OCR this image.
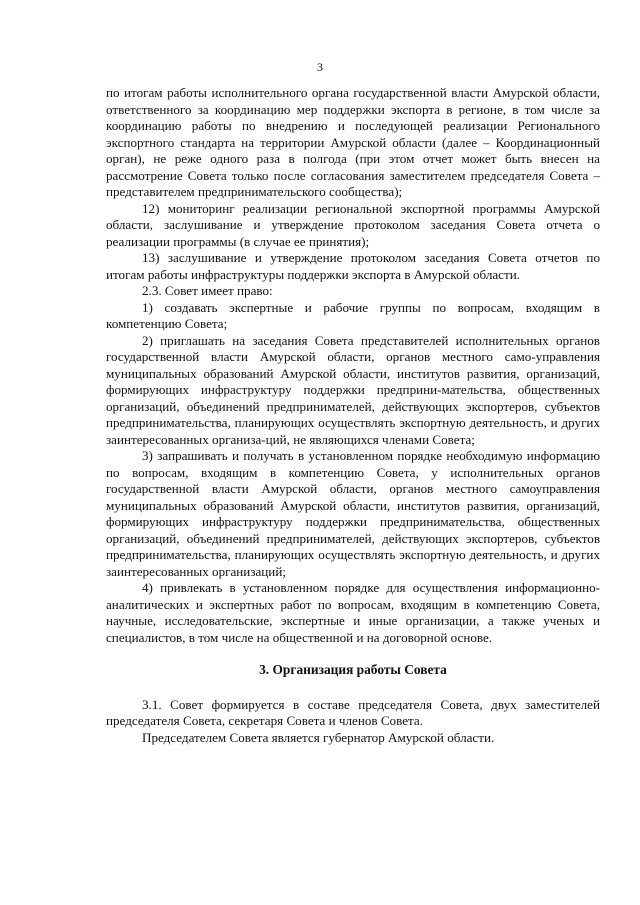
3

по итогам работы исполнительного органа государственной власти Амурской области, ответственного за координацию мер поддержки экспорта в регионе, в том числе за координацию работы по внедрению и последующей реализации Регионального экспортного стандарта на территории Амурской области (далее – Координационный орган), не реже одного раза в полгода (при этом отчет может быть внесен на рассмотрение Совета только после согласования заместителем председателя Совета – представителем предпринимательского сообщества);

12) мониторинг реализации региональной экспортной программы Амурской области, заслушивание и утверждение протоколом заседания Совета отчета о реализации программы (в случае ее принятия);

13) заслушивание и утверждение протоколом заседания Совета отчетов по итогам работы инфраструктуры поддержки экспорта в Амурской области.

2.3. Совет имеет право:

1) создавать экспертные и рабочие группы по вопросам, входящим в компетенцию Совета;

2) приглашать на заседания Совета представителей исполнительных органов государственной власти Амурской области, органов местного само-управления муниципальных образований Амурской области, институтов развития, организаций, формирующих инфраструктуру поддержки предприни-мательства, общественных организаций, объединений предпринимателей, действующих экспортеров, субъектов предпринимательства, планирующих осуществлять экспортную деятельность, и других заинтересованных организа-ций, не являющихся членами Совета;

3) запрашивать и получать в установленном порядке необходимую информацию по вопросам, входящим в компетенцию Совета, у исполнительных органов государственной власти Амурской области, органов местного самоуправления муниципальных образований Амурской области, институтов развития, организаций, формирующих инфраструктуру поддержки предпринимательства, общественных организаций, объединений предпринимателей, действующих экспортеров, субъектов предпринимательства, планирующих осуществлять экспортную деятельность, и других заинтересованных организаций;

4) привлекать в установленном порядке для осуществления информационно-аналитических и экспертных работ по вопросам, входящим в компетенцию Совета, научные, исследовательские, экспертные и иные организации, а также ученых и специалистов, в том числе на общественной и на договорной основе.

3. Организация работы Совета

3.1. Совет формируется в составе председателя Совета, двух заместителей председателя Совета, секретаря Совета и членов Совета.

Председателем Совета является губернатор Амурской области.
